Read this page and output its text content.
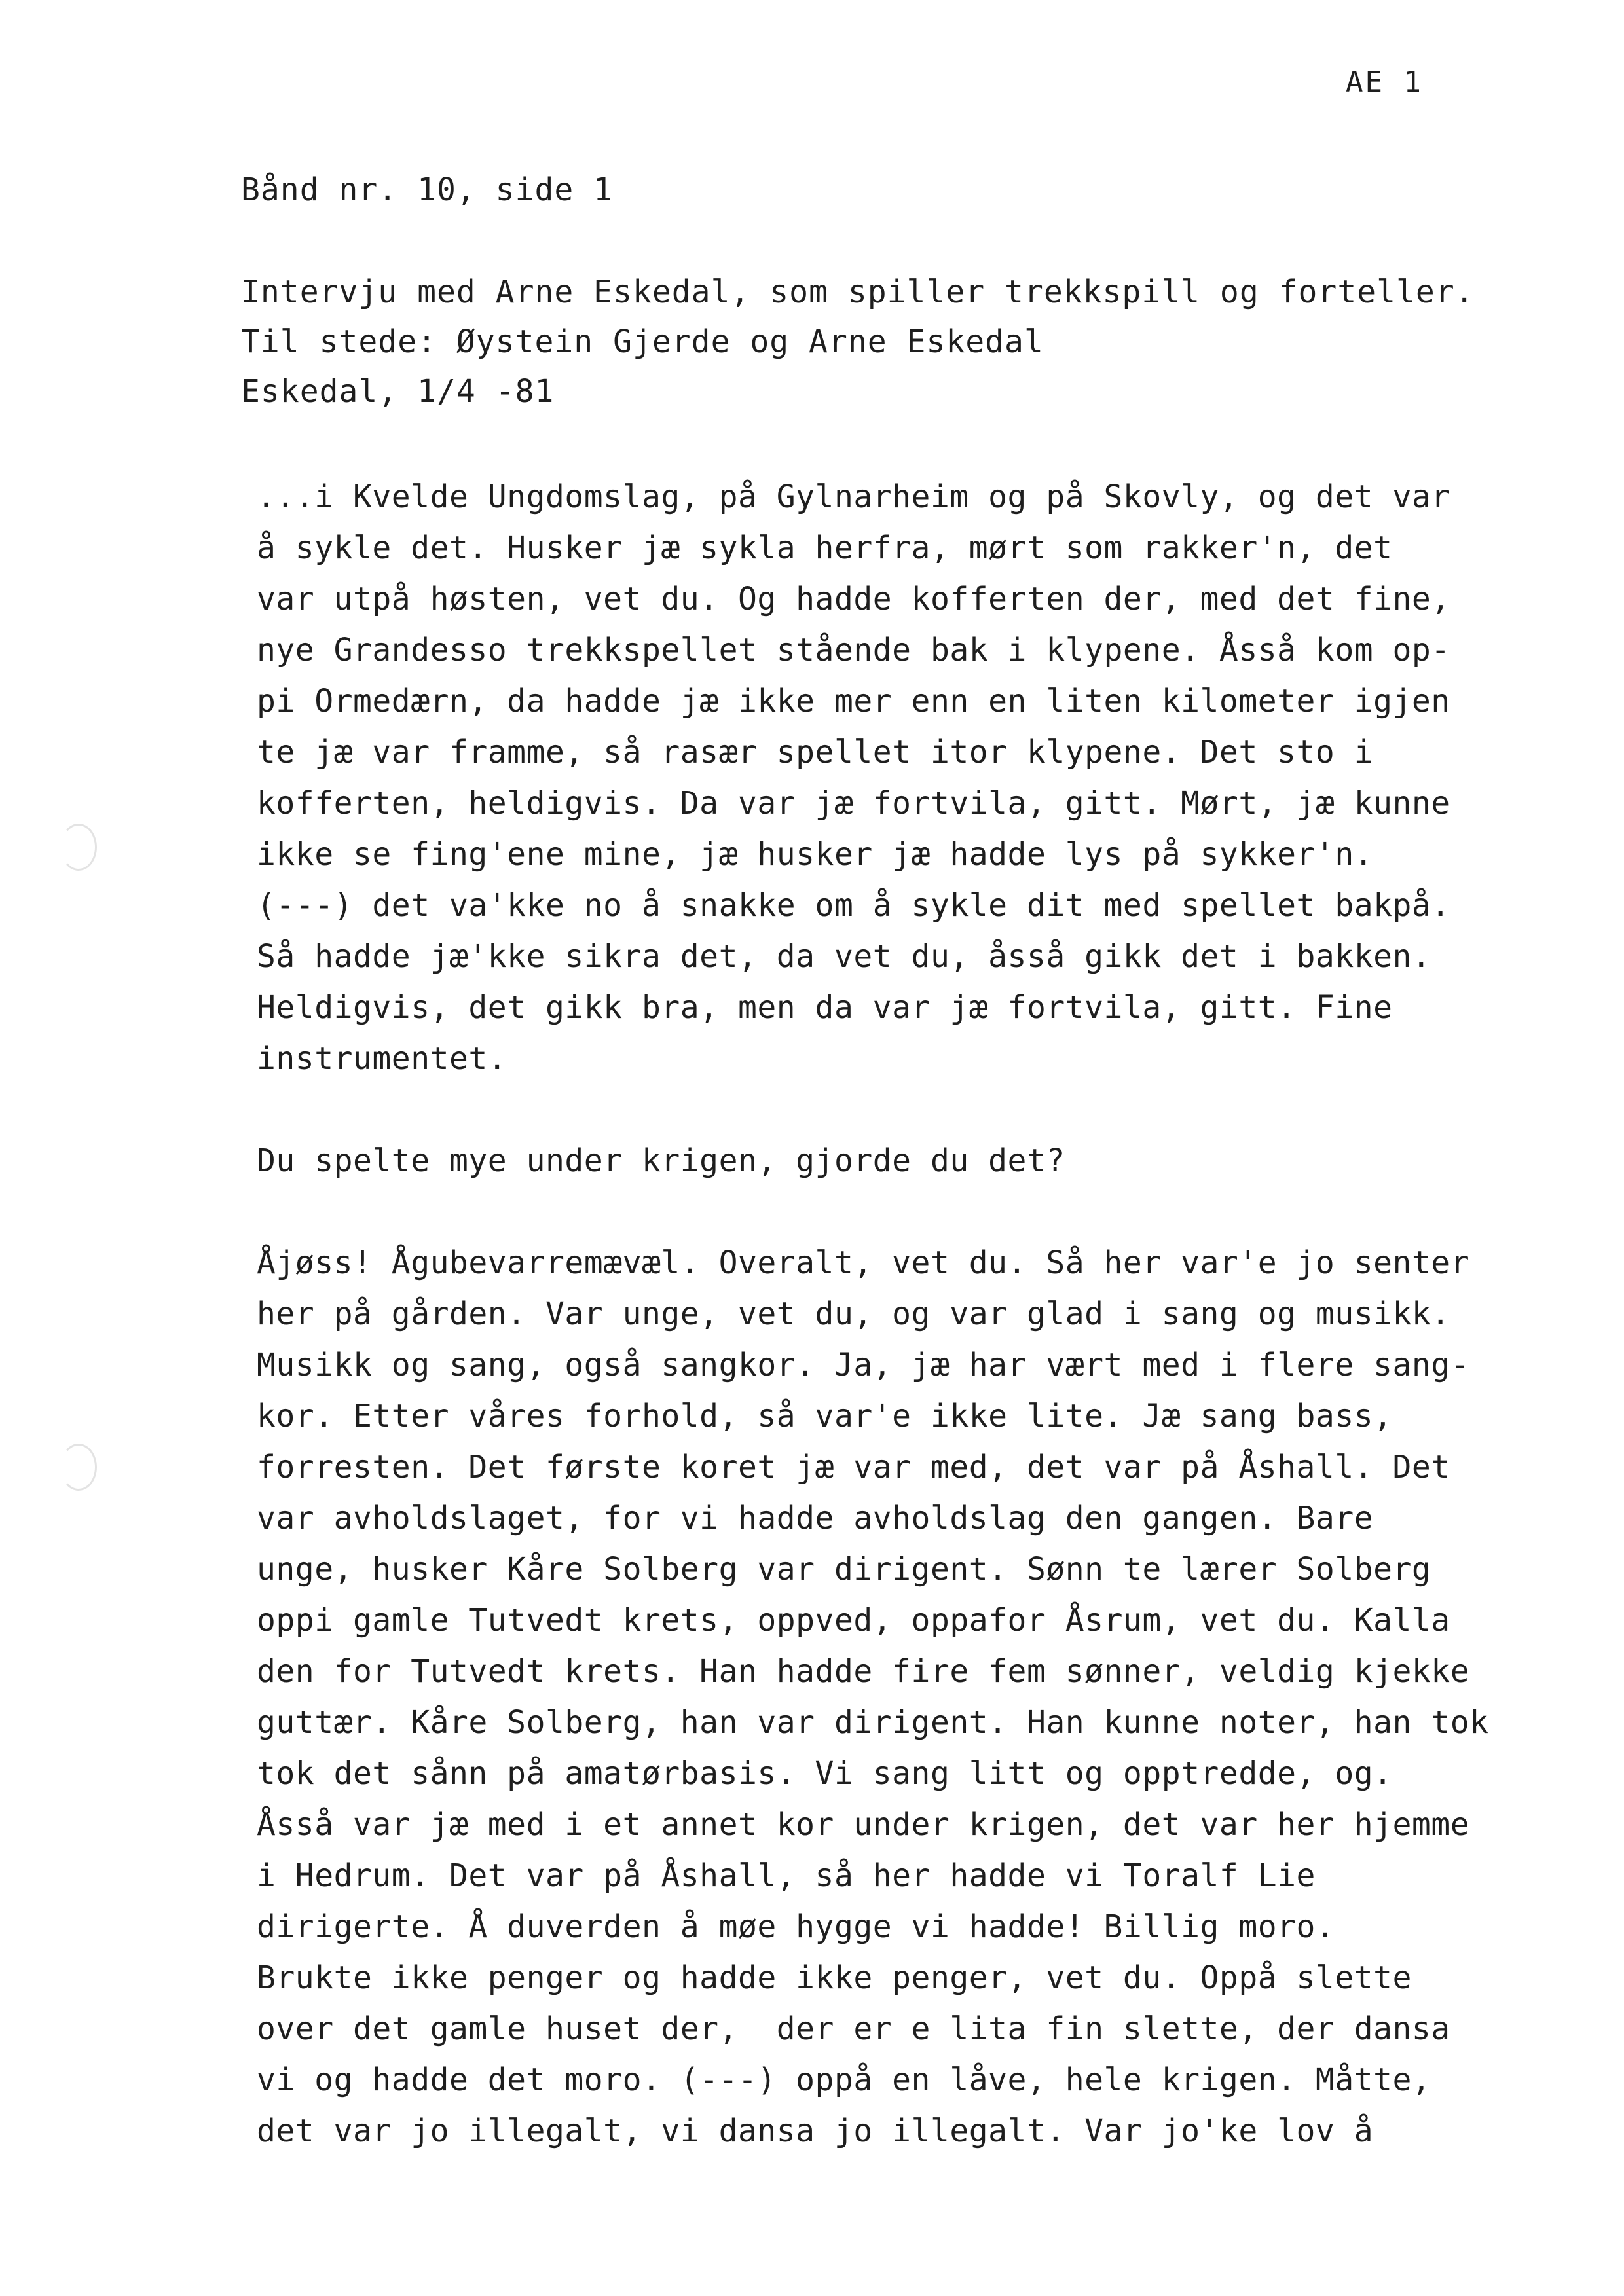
AE 1
Bånd nr. 10, side 1
Intervju med Arne Eskedal, som spiller trekkspill og forteller.
Til stede: Øystein Gjerde og Arne Eskedal
Eskedal, 1/4 -81
...i Kvelde Ungdomslag, på Gylnarheim og på Skovly, og det var
å sykle det. Husker jæ sykla herfra, mørt som rakker'n, det
var utpå høsten, vet du. Og hadde kofferten der, med det fine,
nye Grandesso trekkspellet stående bak i klypene. Åsså kom op-
pi Ormedærn, da hadde jæ ikke mer enn en liten kilometer igjen
te jæ var framme, så rasær spellet itor klypene. Det sto i
kofferten, heldigvis. Da var jæ fortvila, gitt. Mørt, jæ kunne
ikke se fing'ene mine, jæ husker jæ hadde lys på sykker'n.
(---) det va'kke no å snakke om å sykle dit med spellet bakpå.
Så hadde jæ'kke sikra det, da vet du, åsså gikk det i bakken.
Heldigvis, det gikk bra, men da var jæ fortvila, gitt. Fine
instrumentet.
Du spelte mye under krigen, gjorde du det?
Åjøss! Ågubevarremævæl. Overalt, vet du. Så her var'e jo senter
her på gården. Var unge, vet du, og var glad i sang og musikk.
Musikk og sang, også sangkor. Ja, jæ har vært med i flere sang-
kor. Etter våres forhold, så var'e ikke lite. Jæ sang bass,
forresten. Det første koret jæ var med, det var på Åshall. Det
var avholdslaget, for vi hadde avholdslag den gangen. Bare
unge, husker Kåre Solberg var dirigent. Sønn te lærer Solberg
oppi gamle Tutvedt krets, oppved, oppafor Åsrum, vet du. Kalla
den for Tutvedt krets. Han hadde fire fem sønner, veldig kjekke
guttær. Kåre Solberg, han var dirigent. Han kunne noter, han tok
tok det sånn på amatørbasis. Vi sang litt og opptredde, og.
Åsså var jæ med i et annet kor under krigen, det var her hjemme
i Hedrum. Det var på Åshall, så her hadde vi Toralf Lie
dirigerte. Å duverden å møe hygge vi hadde! Billig moro.
Brukte ikke penger og hadde ikke penger, vet du. Oppå slette
over det gamle huset der,  der er e lita fin slette, der dansa
vi og hadde det moro. (---) oppå en låve, hele krigen. Måtte,
det var jo illegalt, vi dansa jo illegalt. Var jo'ke lov å
